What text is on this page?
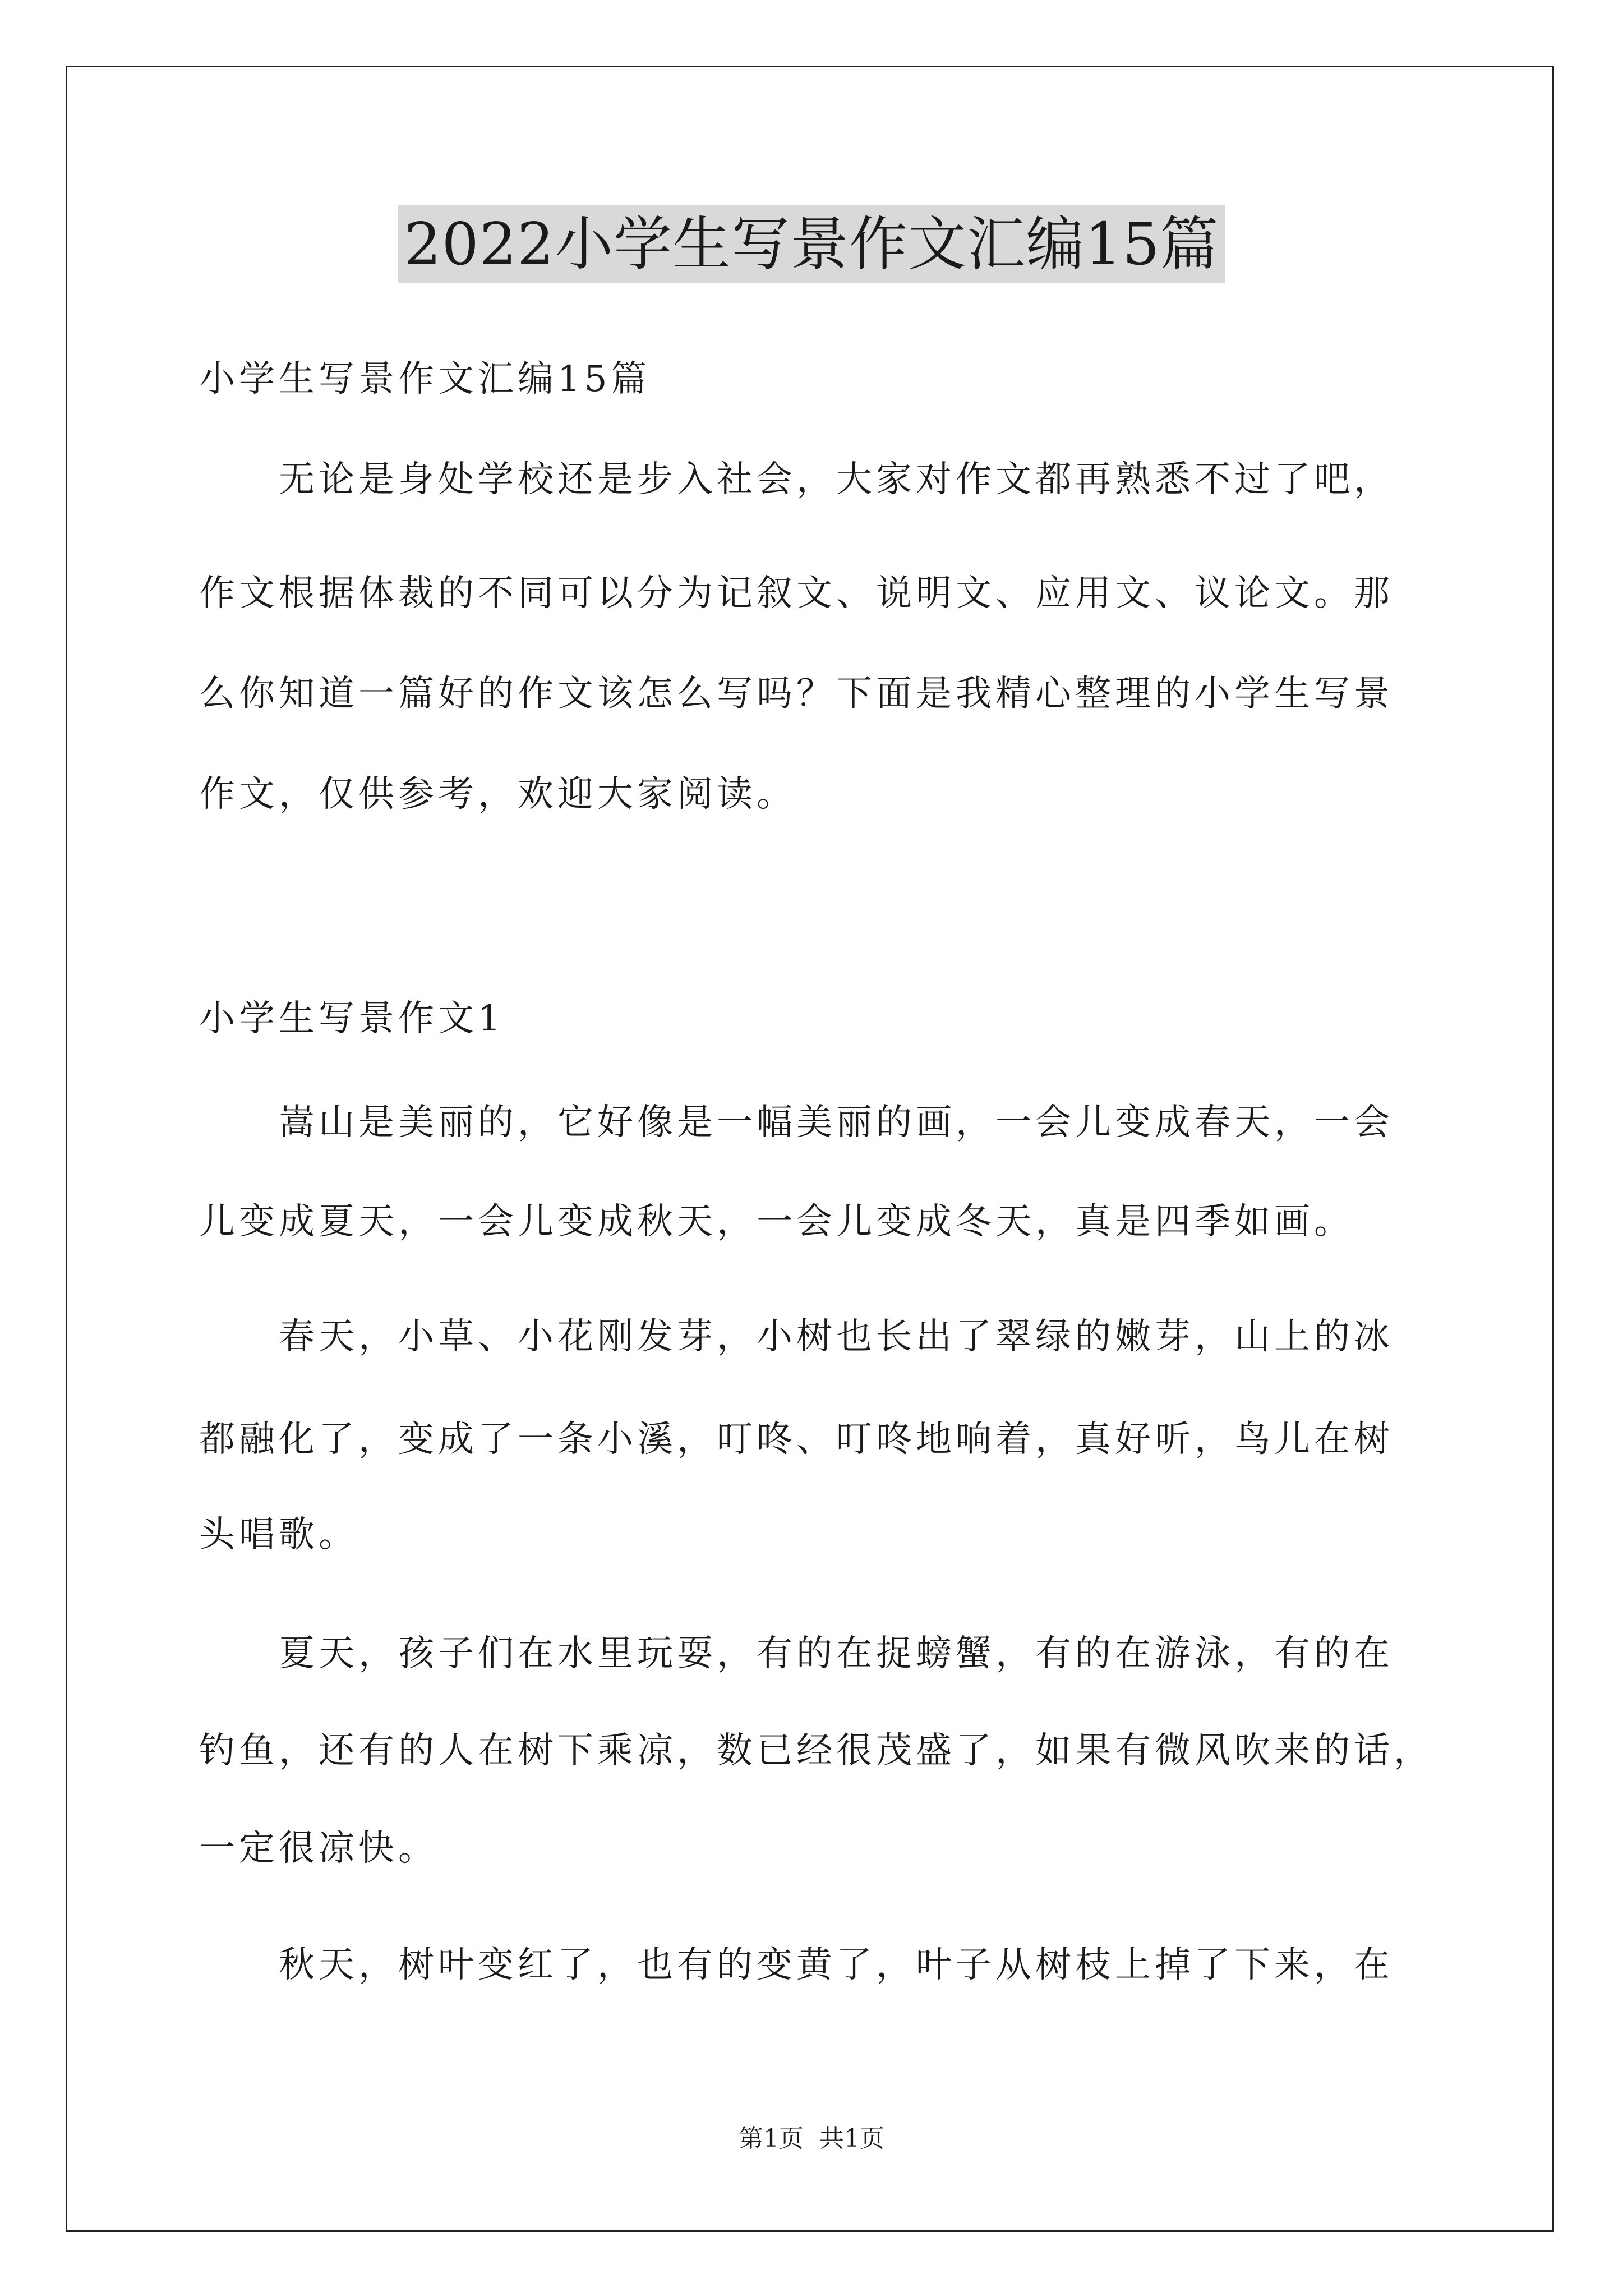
2022小学生写景作文汇编15篇
小学生写景作文汇编15篇
　　无论是身处学校还是步入社会，大家对作文都再熟悉不过了吧，
作文根据体裁的不同可以分为记叙文、说明文、应用文、议论文。那
么你知道一篇好的作文该怎么写吗？下面是我精心整理的小学生写景
作文，仅供参考，欢迎大家阅读。
小学生写景作文1
　　嵩山是美丽的，它好像是一幅美丽的画，一会儿变成春天，一会
儿变成夏天，一会儿变成秋天，一会儿变成冬天，真是四季如画。
　　春天，小草、小花刚发芽，小树也长出了翠绿的嫩芽，山上的冰
都融化了，变成了一条小溪，叮咚、叮咚地响着，真好听，鸟儿在树
头唱歌。
　　夏天，孩子们在水里玩耍，有的在捉螃蟹，有的在游泳，有的在
钓鱼，还有的人在树下乘凉，数已经很茂盛了，如果有微风吹来的话，
一定很凉快。
　　秋天，树叶变红了，也有的变黄了，叶子从树枝上掉了下来，在
第1页 共1页
